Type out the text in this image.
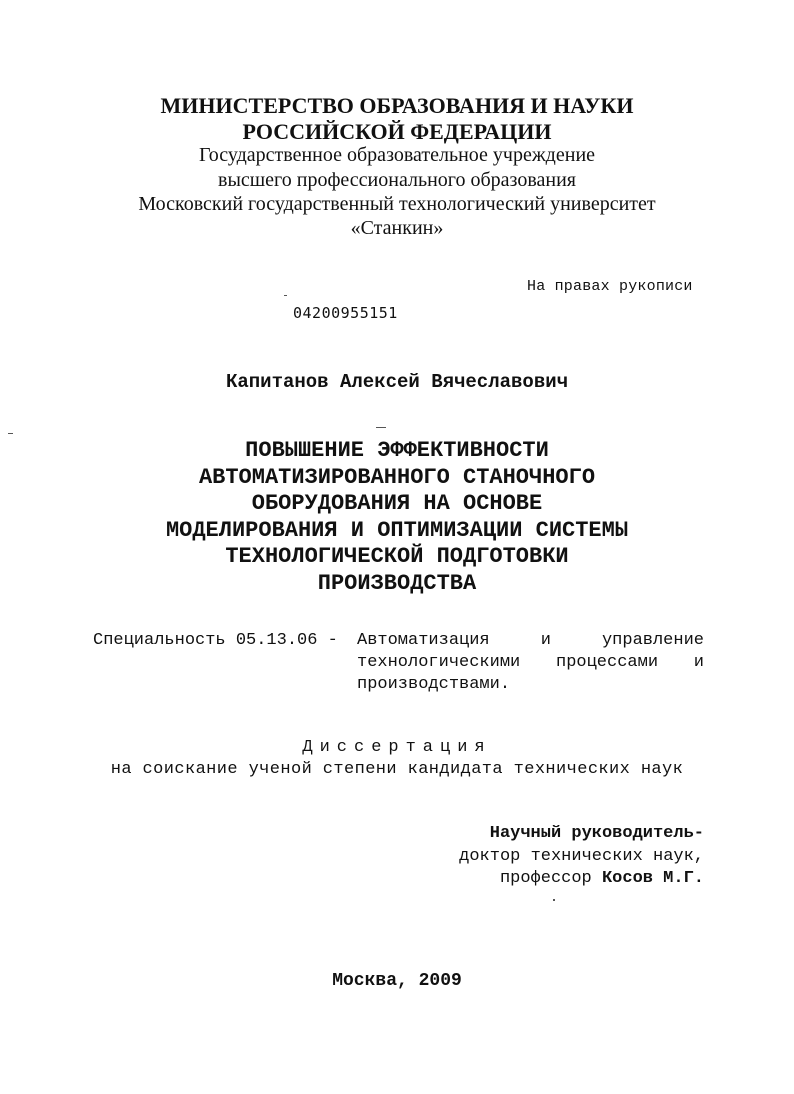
МИНИСТЕРСТВО ОБРАЗОВАНИЯ И НАУКИ
РОССИЙСКОЙ ФЕДЕРАЦИИ
Государственное образовательное учреждение
высшего профессионального образования
Московский государственный технологический университет
«Станкин»
На правах рукописи
04200955151
Капитанов Алексей Вячеславович
ПОВЫШЕНИЕ ЭФФЕКТИВНОСТИ
АВТОМАТИЗИРОВАННОГО СТАНОЧНОГО
ОБОРУДОВАНИЯ НА ОСНОВЕ
МОДЕЛИРОВАНИЯ И ОПТИМИЗАЦИИ СИСТЕМЫ
ТЕХНОЛОГИЧЕСКОЙ ПОДГОТОВКИ
ПРОИЗВОДСТВА
Специальность 05.13.06 - Автоматизация и управление
технологическими процессами и
производствами.
Диссертация
на соискание ученой степени кандидата технических наук
Научный руководитель-
доктор технических наук,
профессор Косов М.Г.
Москва, 2009
